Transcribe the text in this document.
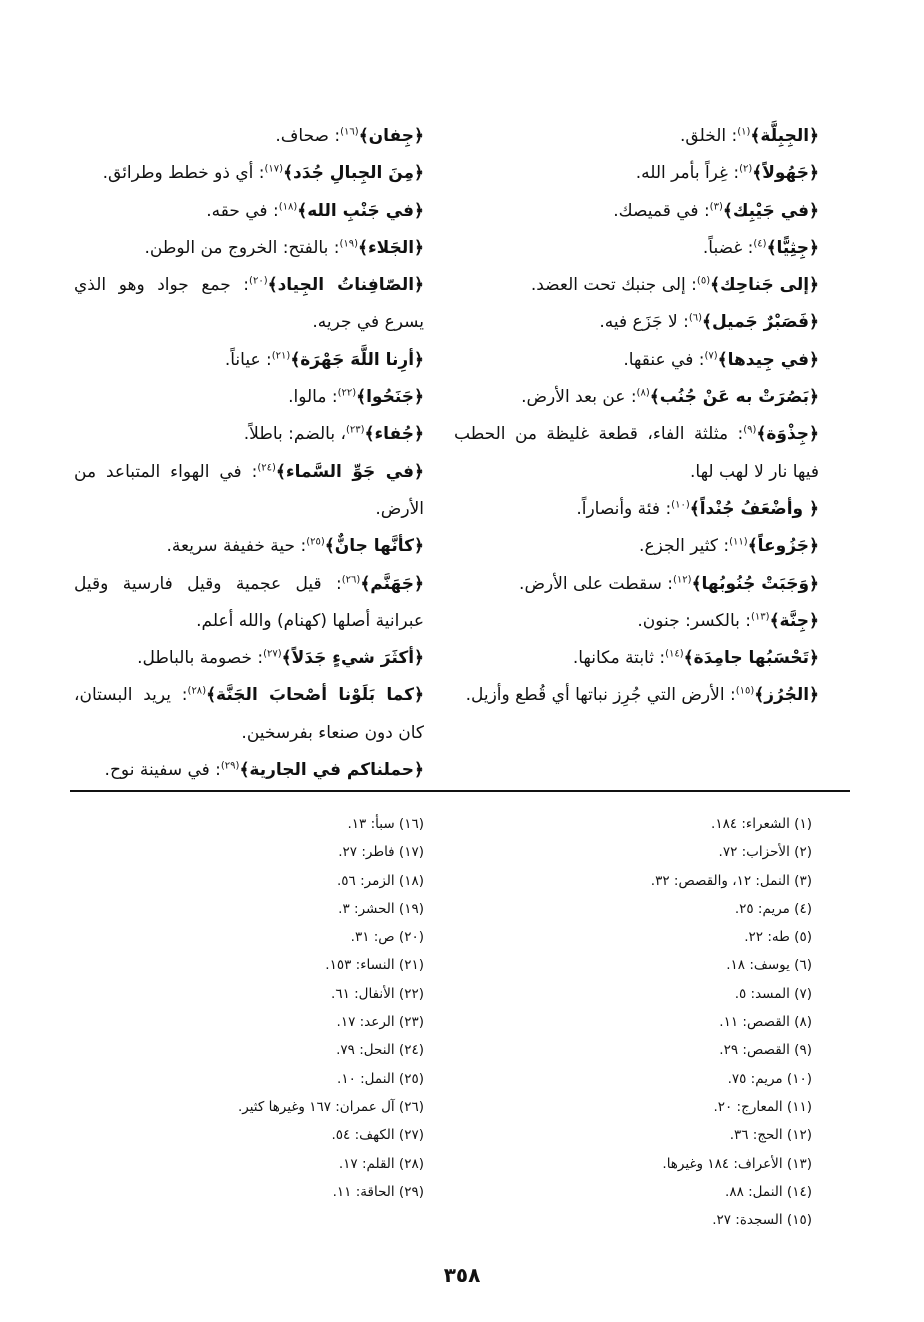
﴿الجِبِلَّة﴾$^{(١)}$: الخلق.

﴿جَهُولاً﴾$^{(٢)}$: غِراً بأمر الله.

﴿في جَيْبِك﴾$^{(٣)}$: في قميصك.

﴿جِثِيًّا﴾$^{(٤)}$: غضباً.

﴿إلى جَناحِك﴾$^{(٥)}$: إلى جنبك تحت العضد.

﴿فَصَبْرٌ جَميل﴾$^{(٦)}$: لا جَزَع فيه.

﴿في جِيدها﴾$^{(٧)}$: في عنقها.

﴿بَصُرَتْ به عَنْ جُنُب﴾$^{(٨)}$: عن بعد الأرض.

﴿جِذْوَة﴾$^{(٩)}$: مثلثة الفاء، قطعة غليظة من الحطب فيها نار لا لهب لها.

﴿ وأضْعَفُ جُنْداً﴾$^{(١٠)}$: فئة وأنصاراً.

﴿جَزُوعاً﴾$^{(١١)}$: كثير الجزع.

﴿وَجَبَتْ جُنُوبُها﴾$^{(١٢)}$: سقطت على الأرض.

﴿جِنَّة﴾$^{(١٣)}$: بالكسر: جنون.

﴿تَحْسَبُها جامِدَة﴾$^{(١٤)}$: ثابتة مكانها.

﴿الجُرُز﴾$^{(١٥)}$: الأرض التي جُرِز نباتها أي قُطع وأزيل.

﴿جِفان﴾$^{(١٦)}$: صحاف.

﴿مِنَ الجِبالِ جُدَد﴾$^{(١٧)}$: أي ذو خطط وطرائق.

﴿في جَنْبِ الله﴾$^{(١٨)}$: في حقه.

﴿الجَلاء﴾$^{(١٩)}$: بالفتح: الخروج من الوطن.

﴿الصّافِناتُ الجِياد﴾$^{(٢٠)}$: جمع جواد وهو الذي يسرع في جريه.

﴿أرِنا اللَّهَ جَهْرَة﴾$^{(٢١)}$: عياناً.

﴿جَنَحُوا﴾$^{(٢٢)}$: مالوا.

﴿جُفاء﴾$^{(٢٣)}$، بالضم: باطلاً.

﴿في جَوِّ السَّماء﴾$^{(٢٤)}$: في الهواء المتباعد من الأرض.

﴿كأنَّها جانٌّ﴾$^{(٢٥)}$: حية خفيفة سريعة.

﴿جَهَنَّم﴾$^{(٢٦)}$: قيل عجمية وقيل فارسية وقيل عبرانية أصلها (كهنام) والله أعلم.

﴿أكثَرَ شيءٍ جَدَلاً﴾$^{(٢٧)}$: خصومة بالباطل.

﴿كما بَلَوْنا أصْحابَ الجَنَّة﴾$^{(٢٨)}$: يريد البستان، كان دون صنعاء بفرسخين.

﴿حملناكم في الجارية﴾$^{(٢٩)}$: في سفينة نوح.

(١) الشعراء: ١٨٤.
(٢) الأحزاب: ٧٢.
(٣) النمل: ١٢، والقصص: ٣٢.
(٤) مريم: ٢٥.
(٥) طه: ٢٢.
(٦) يوسف: ١٨.
(٧) المسد: ٥.
(٨) القصص: ١١.
(٩) القصص: ٢٩.
(١٠) مريم: ٧٥.
(١١) المعارج: ٢٠.
(١٢) الحج: ٣٦.
(١٣) الأعراف: ١٨٤ وغيرها.
(١٤) النمل: ٨٨.
(١٥) السجدة: ٢٧.
(١٦) سبأ: ١٣.
(١٧) فاطر: ٢٧.
(١٨) الزمر: ٥٦.
(١٩) الحشر: ٣.
(٢٠) ص: ٣١.
(٢١) النساء: ١٥٣.
(٢٢) الأنفال: ٦١.
(٢٣) الرعد: ١٧.
(٢٤) النحل: ٧٩.
(٢٥) النمل: ١٠.
(٢٦) آل عمران: ١٦٧ وغيرها كثير.
(٢٧) الكهف: ٥٤.
(٢٨) القلم: ١٧.
(٢٩) الحاقة: ١١.
٣٥٨
